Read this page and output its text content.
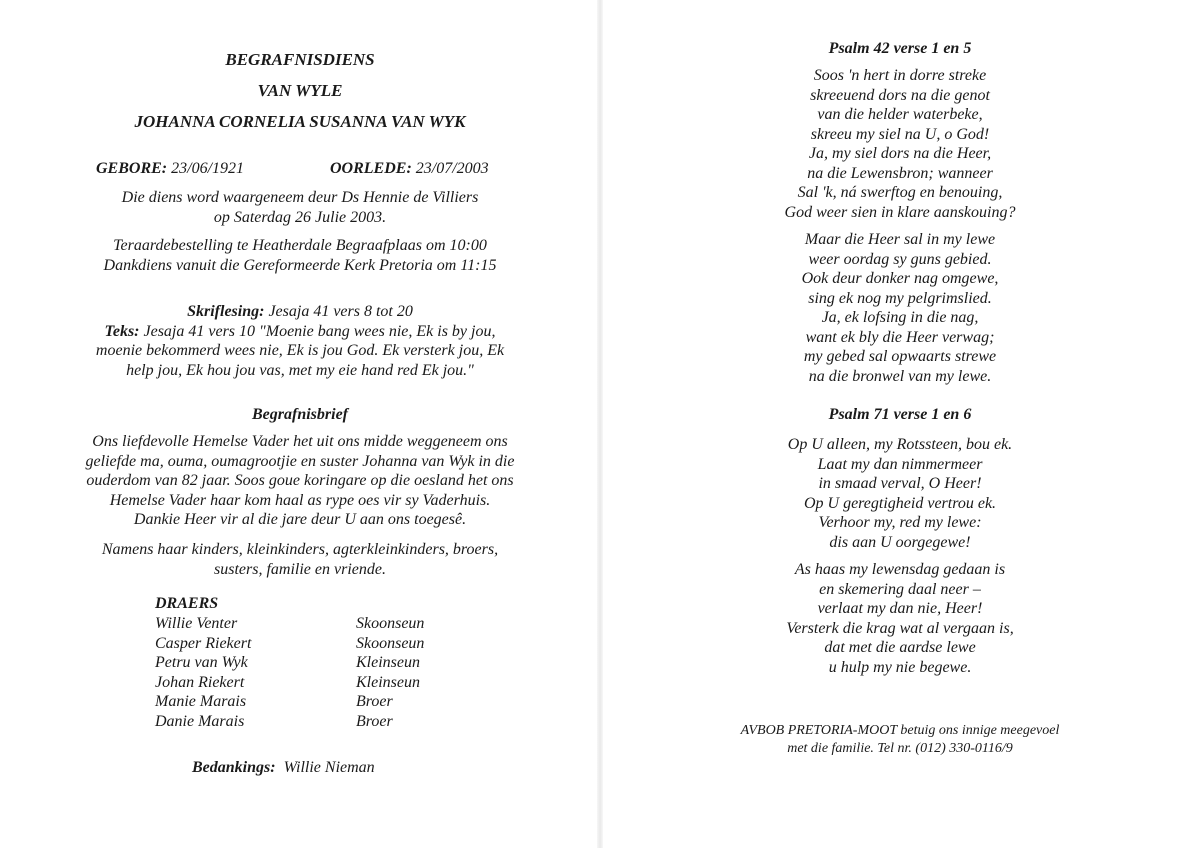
BEGRAFNISDIENS
VAN WYLE
JOHANNA CORNELIA SUSANNA VAN WYK
GEBORE: 23/06/1921	OORLEDE: 23/07/2003
Die diens word waargeneem deur Ds Hennie de Villiers
op Saterdag 26 Julie 2003.
Teraardebestelling te Heatherdale Begraafplaas om 10:00
Dankdiens vanuit die Gereformeerde Kerk Pretoria om 11:15
Skriflesing: Jesaja 41 vers 8 tot 20
Teks: Jesaja 41 vers 10 "Moenie bang wees nie, Ek is by jou,
moenie bekommerd wees nie, Ek is jou God. Ek versterk jou, Ek
help jou, Ek hou jou vas, met my eie hand red Ek jou."
Begrafnisbrief
Ons liefdevolle Hemelse Vader het uit ons midde weggeneem ons
geliefde ma, ouma, oumagrootjie en suster Johanna van Wyk in die
ouderdom van 82 jaar. Soos goue koringare op die oesland het ons
Hemelse Vader haar kom haal as rype oes vir sy Vaderhuis.
Dankie Heer vir al die jare deur U aan ons toegesê.
Namens haar kinders, kleinkinders, agterkleinkinders, broers,
susters, familie en vriende.
DRAERS
Willie Venter	Skoonseun
Casper Riekert	Skoonseun
Petru van Wyk	Kleinseun
Johan Riekert	Kleinseun
Manie Marais	Broer
Danie Marais	Broer
Bedankings: Willie Nieman
Psalm 42 verse 1 en 5
Soos 'n hert in dorre streke
skreeuend dors na die genot
van die helder waterbeke,
skreeu my siel na U, o God!
Ja, my siel dors na die Heer,
na die Lewensbron; wanneer
Sal 'k, ná swerftog en benouing,
God weer sien in klare aanskouing?
Maar die Heer sal in my lewe
weer oordag sy guns gebied.
Ook deur donker nag omgewe,
sing ek nog my pelgrimslied.
Ja, ek lofsing in die nag,
want ek bly die Heer verwag;
my gebed sal opwaarts strewe
na die bronwel van my lewe.
Psalm 71 verse 1 en 6
Op U alleen, my Rotssteen, bou ek.
Laat my dan nimmermeer
in smaad verval, O Heer!
Op U geregtigheid vertrou ek.
Verhoor my, red my lewe:
dis aan U oorgegewe!
As haas my lewensdag gedaan is
en skemering daal neer –
verlaat my dan nie, Heer!
Versterk die krag wat al vergaan is,
dat met die aardse lewe
u hulp my nie begewe.
AVBOB PRETORIA-MOOT betuig ons innige meegevoel
met die familie. Tel nr. (012) 330-0116/9
